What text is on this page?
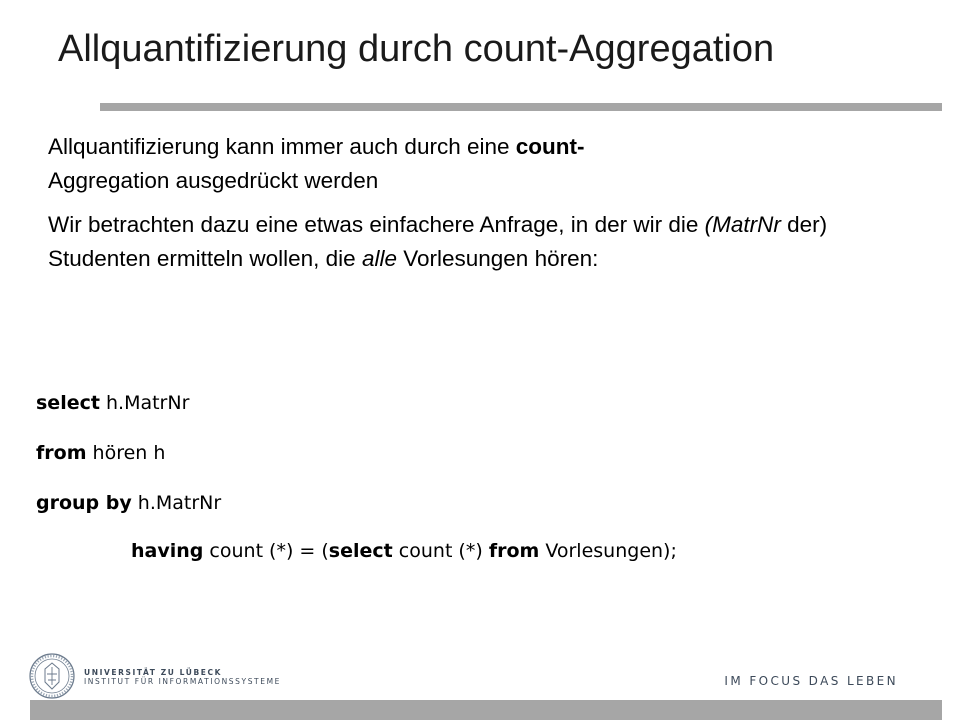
Allquantifizierung durch count-Aggregation

Allquantifizierung kann immer auch durch eine count-
Aggregation ausgedrückt werden

Wir betrachten dazu eine etwas einfachere Anfrage, in der wir die (MatrNr der) Studenten ermitteln wollen, die alle Vorlesungen hören:

select h.MatrNr
from hören h
group by h.MatrNr
having count (*) = (select count (*) from Vorlesungen);
UNIVERSITÄT ZU LÜBECK
INSTITUT FÜR INFORMATIONSSYSTEME	IM FOCUS DAS LEBEN
